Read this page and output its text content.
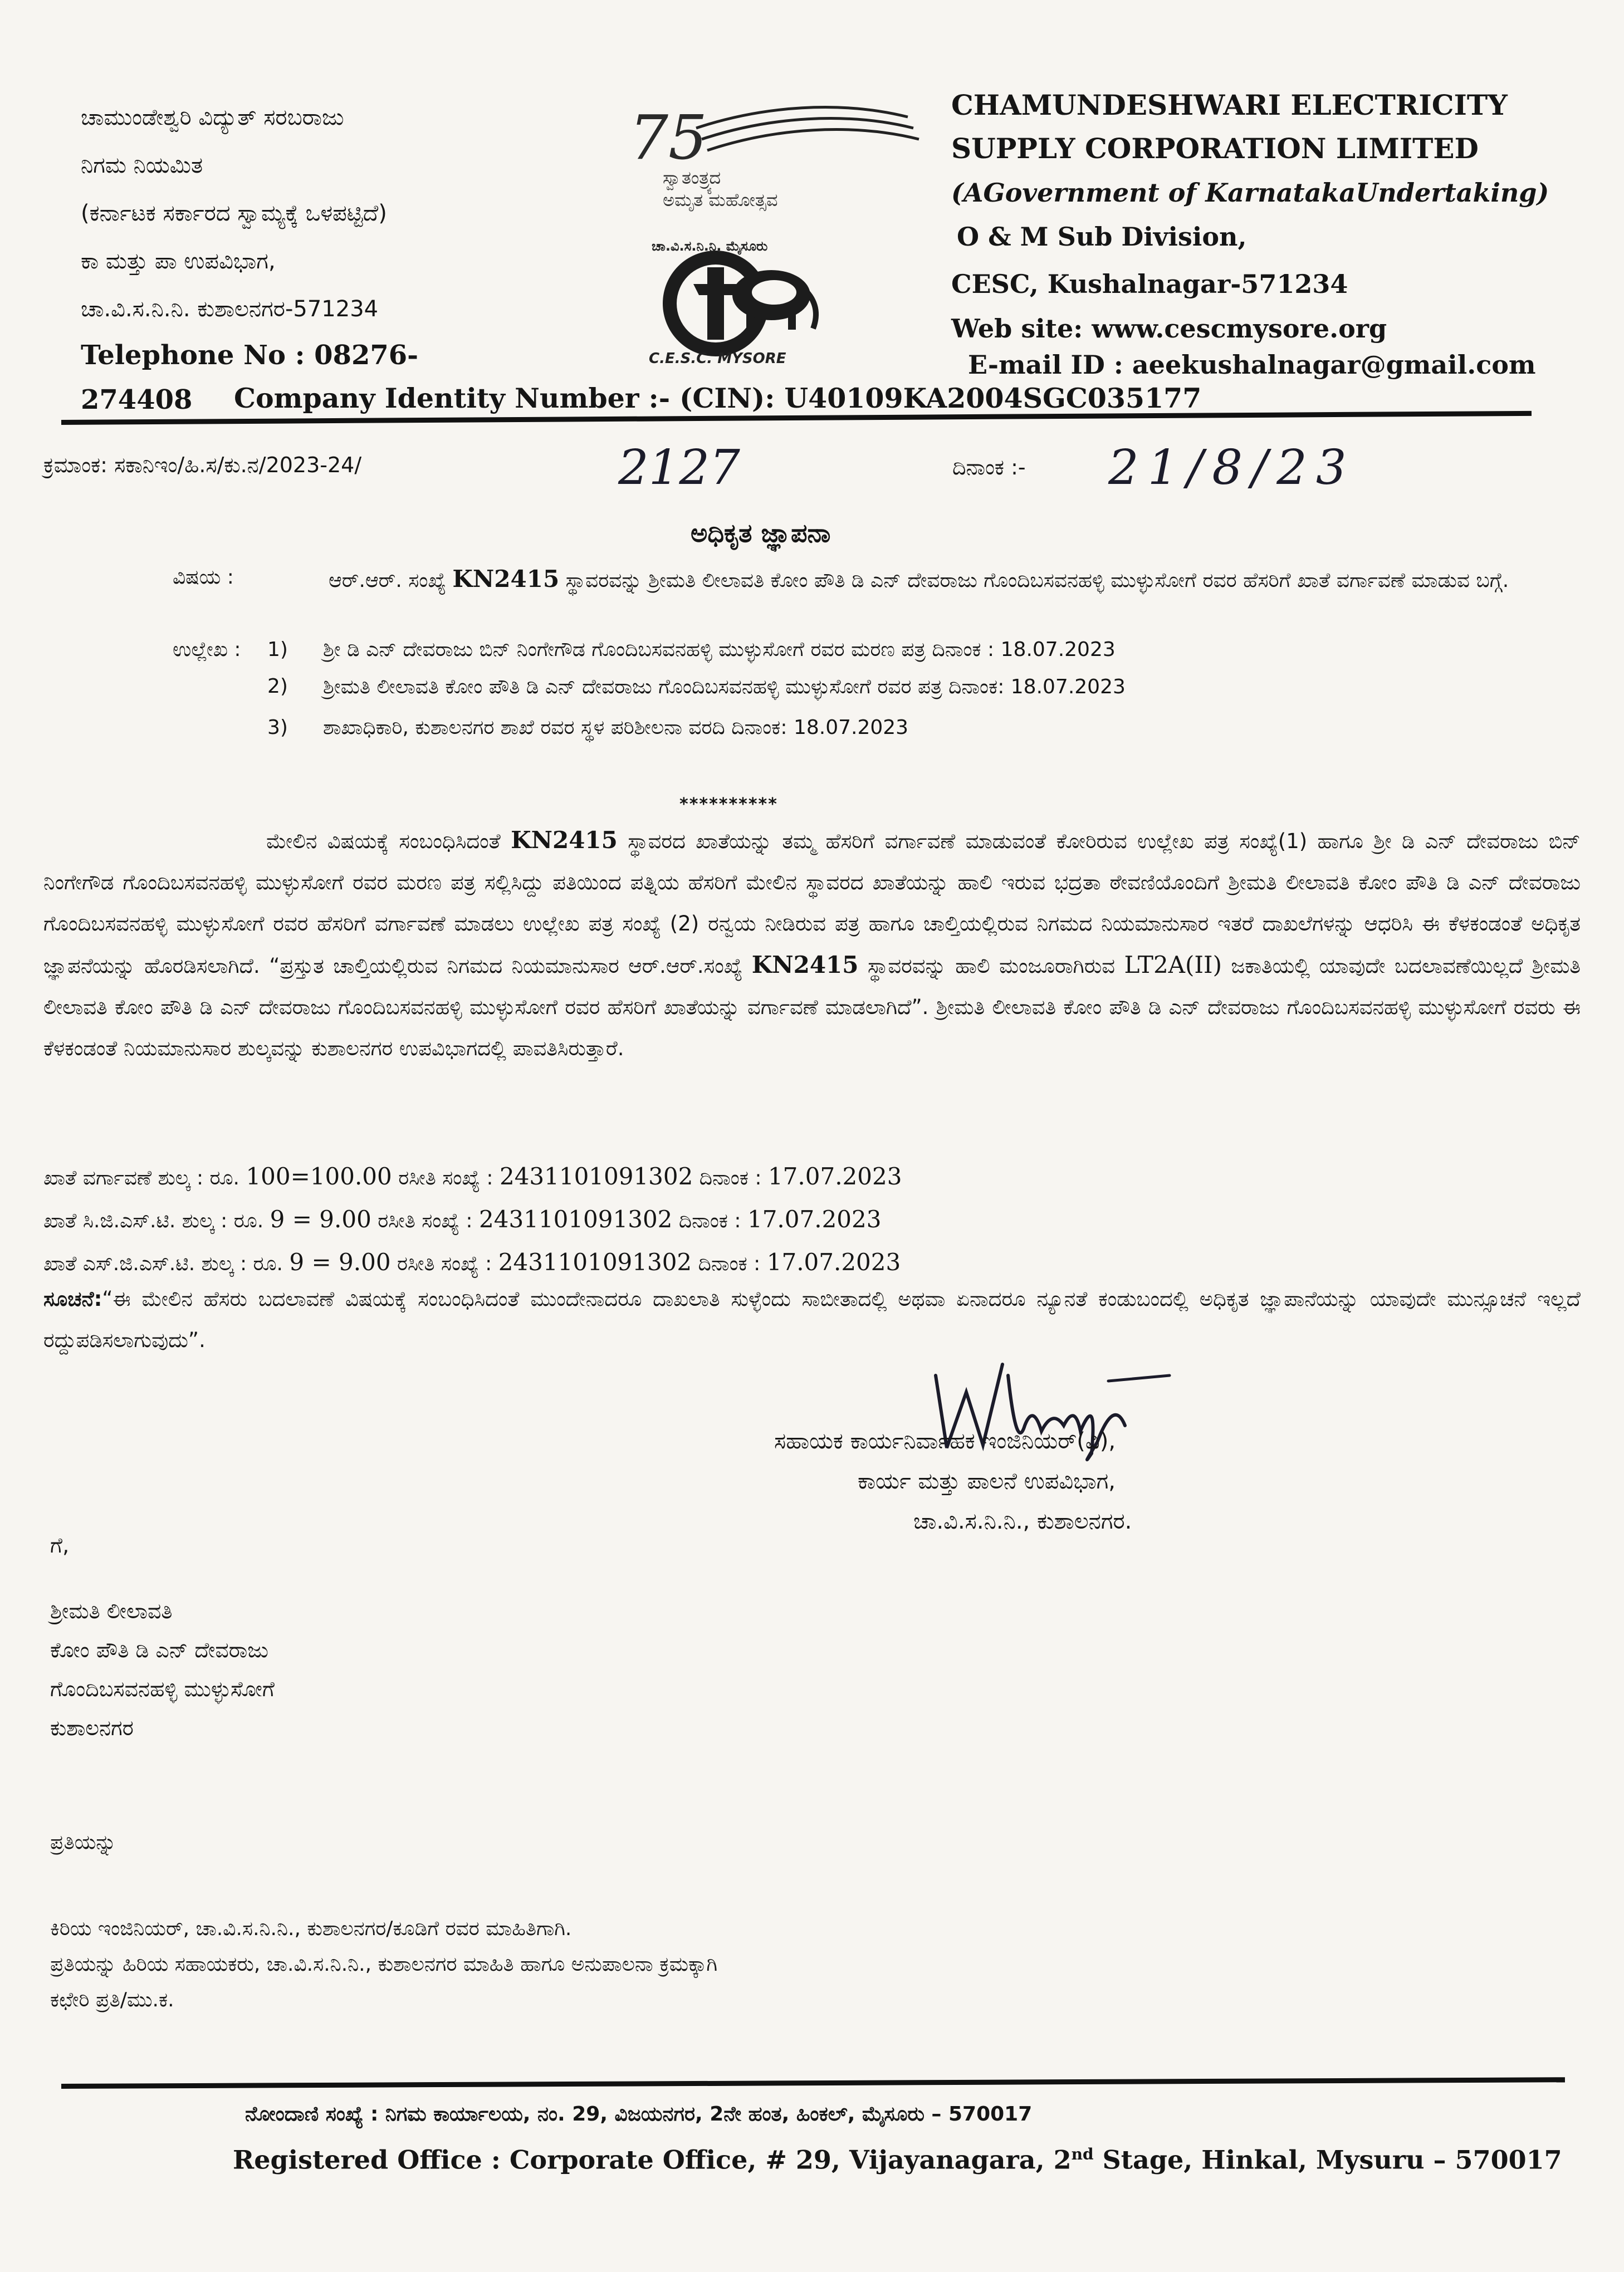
ಚಾಮುಂಡೇಶ್ವರಿ ವಿದ್ಯುತ್ ಸರಬರಾಜು
ನಿಗಮ ನಿಯಮಿತ
(ಕರ್ನಾಟಕ ಸರ್ಕಾರದ ಸ್ವಾಮ್ಯಕ್ಕೆ ಒಳಪಟ್ಟಿದೆ)
ಕಾ ಮತ್ತು ಪಾ ಉಪವಿಭಾಗ,
ಚಾ.ವಿ.ಸ.ನಿ.ನಿ. ಕುಶಾಲನಗರ-571234
Telephone No : 08276-274408
75
ಸ್ವಾತಂತ್ರ್ಯದ
ಅಮೃತ ಮಹೋತ್ಸವ
ಚಾ.ವಿ.ಸ.ನಿ.ನಿ. ಮೈಸೂರು
C.E.S.C. MYSORE
CHAMUNDESHWARI ELECTRICITY
SUPPLY CORPORATION LIMITED
(AGovernment of KarnatakaUndertaking)
O & M Sub Division,
CESC, Kushalnagar-571234
Web site: www.cescmysore.org
E-mail ID : aeekushalnagar@gmail.com
Company Identity Number :- (CIN): U40109KA2004SGC035177
ಕ್ರಮಾಂಕ: ಸಕಾನಿಇಂ/ಹಿ.ಸ/ಕು.ನ/2023-24/	2127	ದಿನಾಂಕ :- 21/8/23
ಅಧಿಕೃತ ಜ್ಞಾಪನಾ
ವಿಷಯ :	ಆರ್.ಆರ್. ಸಂಖ್ಯೆ KN2415 ಸ್ಥಾವರವನ್ನು ಶ್ರೀಮತಿ ಲೀಲಾವತಿ ಕೋಂ ಪೌತಿ ಡಿ ಎನ್ ದೇವರಾಜು ಗೊಂದಿಬಸವನಹಳ್ಳಿ ಮುಳ್ಳುಸೋಗೆ ರವರ ಹೆಸರಿಗೆ ಖಾತೆ ವರ್ಗಾವಣೆ ಮಾಡುವ ಬಗ್ಗೆ.
ಉಲ್ಲೇಖ : 1)	ಶ್ರೀ ಡಿ ಎನ್ ದೇವರಾಜು ಬಿನ್ ನಿಂಗೇಗೌಡ ಗೊಂದಿಬಸವನಹಳ್ಳಿ ಮುಳ್ಳುಸೋಗೆ ರವರ ಮರಣ ಪತ್ರ ದಿನಾಂಕ : 18.07.2023
2)	ಶ್ರೀಮತಿ ಲೀಲಾವತಿ ಕೋಂ ಪೌತಿ ಡಿ ಎನ್ ದೇವರಾಜು ಗೊಂದಿಬಸವನಹಳ್ಳಿ ಮುಳ್ಳುಸೋಗೆ ರವರ ಪತ್ರ ದಿನಾಂಕ: 18.07.2023
3)	ಶಾಖಾಧಿಕಾರಿ, ಕುಶಾಲನಗರ ಶಾಖೆ ರವರ ಸ್ಥಳ ಪರಿಶೀಲನಾ ವರದಿ ದಿನಾಂಕ: 18.07.2023
**********
ಮೇಲಿನ ವಿಷಯಕ್ಕೆ ಸಂಬಂಧಿಸಿದಂತೆ KN2415 ಸ್ಥಾವರದ ಖಾತೆಯನ್ನು ತಮ್ಮ ಹೆಸರಿಗೆ ವರ್ಗಾವಣೆ ಮಾಡುವಂತೆ ಕೋರಿರುವ ಉಲ್ಲೇಖ ಪತ್ರ ಸಂಖ್ಯೆ(1) ಹಾಗೂ ಶ್ರೀ ಡಿ ಎನ್ ದೇವರಾಜು ಬಿನ್ ನಿಂಗೇಗೌಡ ಗೊಂದಿಬಸವನಹಳ್ಳಿ ಮುಳ್ಳುಸೋಗೆ ರವರ ಮರಣ ಪತ್ರ ಸಲ್ಲಿಸಿದ್ದು ಪತಿಯಿಂದ ಪತ್ನಿಯ ಹೆಸರಿಗೆ ಮೇಲಿನ ಸ್ಥಾವರದ ಖಾತೆಯನ್ನು ಹಾಲಿ ಇರುವ ಭದ್ರತಾ ಠೇವಣಿಯೊಂದಿಗೆ ಶ್ರೀಮತಿ ಲೀಲಾವತಿ ಕೋಂ ಪೌತಿ ಡಿ ಎನ್ ದೇವರಾಜು ಗೊಂದಿಬಸವನಹಳ್ಳಿ ಮುಳ್ಳುಸೋಗೆ ರವರ ಹೆಸರಿಗೆ ವರ್ಗಾವಣೆ ಮಾಡಲು ಉಲ್ಲೇಖ ಪತ್ರ ಸಂಖ್ಯೆ (2) ರನ್ವಯ ನೀಡಿರುವ ಪತ್ರ ಹಾಗೂ ಚಾಲ್ತಿಯಲ್ಲಿರುವ ನಿಗಮದ ನಿಯಮಾನುಸಾರ ಇತರೆ ದಾಖಲೆಗಳನ್ನು ಆಧರಿಸಿ ಈ ಕೆಳಕಂಡಂತೆ ಅಧಿಕೃತ ಜ್ಞಾಪನೆಯನ್ನು ಹೊರಡಿಸಲಾಗಿದೆ. “ಪ್ರಸ್ತುತ ಚಾಲ್ತಿಯಲ್ಲಿರುವ ನಿಗಮದ ನಿಯಮಾನುಸಾರ ಆರ್.ಆರ್.ಸಂಖ್ಯೆ KN2415 ಸ್ಥಾವರವನ್ನು ಹಾಲಿ ಮಂಜೂರಾಗಿರುವ LT2A(II) ಜಕಾತಿಯಲ್ಲಿ ಯಾವುದೇ ಬದಲಾವಣೆಯಿಲ್ಲದೆ ಶ್ರೀಮತಿ ಲೀಲಾವತಿ ಕೋಂ ಪೌತಿ ಡಿ ಎನ್ ದೇವರಾಜು ಗೊಂದಿಬಸವನಹಳ್ಳಿ ಮುಳ್ಳುಸೋಗೆ ರವರ ಹೆಸರಿಗೆ ಖಾತೆಯನ್ನು ವರ್ಗಾವಣೆ ಮಾಡಲಾಗಿದೆ”. ಶ್ರೀಮತಿ ಲೀಲಾವತಿ ಕೋಂ ಪೌತಿ ಡಿ ಎನ್ ದೇವರಾಜು ಗೊಂದಿಬಸವನಹಳ್ಳಿ ಮುಳ್ಳುಸೋಗೆ ರವರು ಈ ಕೆಳಕಂಡಂತೆ ನಿಯಮಾನುಸಾರ ಶುಲ್ಕವನ್ನು ಕುಶಾಲನಗರ ಉಪವಿಭಾಗದಲ್ಲಿ ಪಾವತಿಸಿರುತ್ತಾರೆ.
ಖಾತೆ ವರ್ಗಾವಣೆ ಶುಲ್ಕ : ರೂ. 100=100.00 ರಸೀತಿ ಸಂಖ್ಯೆ : 2431101091302 ದಿನಾಂಕ : 17.07.2023
ಖಾತೆ ಸಿ.ಜಿ.ಎಸ್.ಟಿ. ಶುಲ್ಕ : ರೂ. 9 = 9.00 ರಸೀತಿ ಸಂಖ್ಯೆ : 2431101091302 ದಿನಾಂಕ : 17.07.2023
ಖಾತೆ ಎಸ್.ಜಿ.ಎಸ್.ಟಿ. ಶುಲ್ಕ : ರೂ. 9 = 9.00 ರಸೀತಿ ಸಂಖ್ಯೆ : 2431101091302 ದಿನಾಂಕ : 17.07.2023
ಸೂಚನೆ:“ಈ ಮೇಲಿನ ಹೆಸರು ಬದಲಾವಣೆ ವಿಷಯಕ್ಕೆ ಸಂಬಂಧಿಸಿದಂತೆ ಮುಂದೇನಾದರೂ ದಾಖಲಾತಿ ಸುಳ್ಳೆಂದು ಸಾಬೀತಾದಲ್ಲಿ ಅಥವಾ ಏನಾದರೂ ನ್ಯೂನತೆ ಕಂಡುಬಂದಲ್ಲಿ ಅಧಿಕೃತ ಜ್ಞಾಪಾನೆಯನ್ನು ಯಾವುದೇ ಮುನ್ಸೂಚನೆ ಇಲ್ಲದೆ ರದ್ದುಪಡಿಸಲಾಗುವುದು”.
ಸಹಾಯಕ ಕಾರ್ಯನಿರ್ವಾಹಕ ಇಂಜಿನಿಯರ್(ವಿ),
ಕಾರ್ಯ ಮತ್ತು ಪಾಲನೆ ಉಪವಿಭಾಗ,
ಚಾ.ವಿ.ಸ.ನಿ.ನಿ., ಕುಶಾಲನಗರ.
ಗೆ,
ಶ್ರೀಮತಿ ಲೀಲಾವತಿ
ಕೋಂ ಪೌತಿ ಡಿ ಎನ್ ದೇವರಾಜು
ಗೊಂದಿಬಸವನಹಳ್ಳಿ ಮುಳ್ಳುಸೋಗೆ
ಕುಶಾಲನಗರ
ಪ್ರತಿಯನ್ನು
ಕಿರಿಯ ಇಂಜಿನಿಯರ್, ಚಾ.ವಿ.ಸ.ನಿ.ನಿ., ಕುಶಾಲನಗರ/ಕೂಡಿಗೆ ರವರ ಮಾಹಿತಿಗಾಗಿ.
ಪ್ರತಿಯನ್ನು ಹಿರಿಯ ಸಹಾಯಕರು, ಚಾ.ವಿ.ಸ.ನಿ.ನಿ., ಕುಶಾಲನಗರ ಮಾಹಿತಿ ಹಾಗೂ ಅನುಪಾಲನಾ ಕ್ರಮಕ್ಕಾಗಿ
ಕಛೇರಿ ಪ್ರತಿ/ಮು.ಕ.
ನೋಂದಾಣಿ ಸಂಖ್ಯೆ : ನಿಗಮ ಕಾರ್ಯಾಲಯ, ನಂ. 29, ವಿಜಯನಗರ, 2ನೇ ಹಂತ, ಹಿಂಕಲ್, ಮೈಸೂರು – 570017
Registered Office : Corporate Office, # 29, Vijayanagara, 2nd Stage, Hinkal, Mysuru – 570017
